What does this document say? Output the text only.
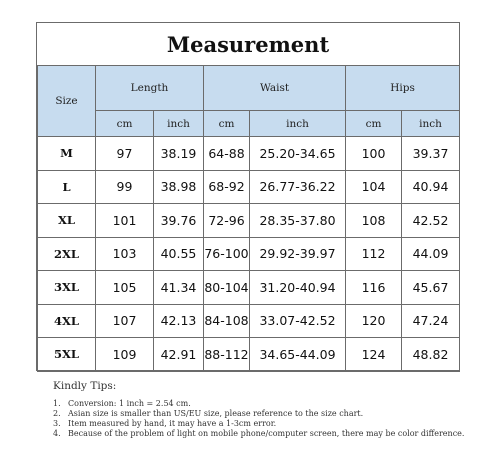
Measurement
Size	Length		Waist		Hips	
	cm	inch	cm	inch	cm	inch
M	97	38.19	64-88	25.20-34.65	100	39.37
L	99	38.98	68-92	26.77-36.22	104	40.94
XL	101	39.76	72-96	28.35-37.80	108	42.52
2XL	103	40.55	76-100	29.92-39.97	112	44.09
3XL	105	41.34	80-104	31.20-40.94	116	45.67
4XL	107	42.13	84-108	33.07-42.52	120	47.24
5XL	109	42.91	88-112	34.65-44.09	124	48.82
Kindly Tips:
1. Conversion: 1 inch = 2.54 cm.
2. Asian size is smaller than US/EU size, please reference to the size chart.
3. Item measured by hand, it may have a 1-3cm error.
4. Because of the problem of light on mobile phone/computer screen, there may be color difference.
